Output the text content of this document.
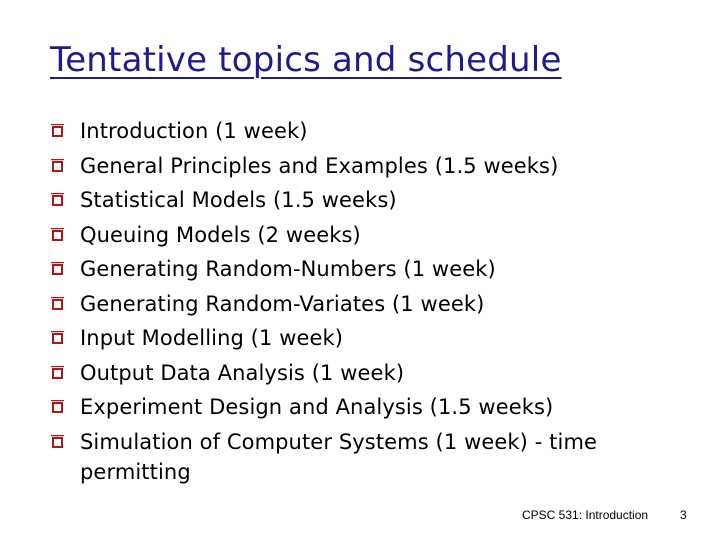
Tentative topics and schedule
Introduction (1 week)
General Principles and Examples (1.5 weeks)
Statistical Models (1.5 weeks)
Queuing Models (2 weeks)
Generating Random-Numbers (1 week)
Generating Random-Variates (1 week)
Input Modelling (1 week)
Output Data Analysis (1 week)
Experiment Design and Analysis (1.5 weeks)
Simulation of Computer Systems (1 week) - time permitting
CPSC 531: Introduction	3
